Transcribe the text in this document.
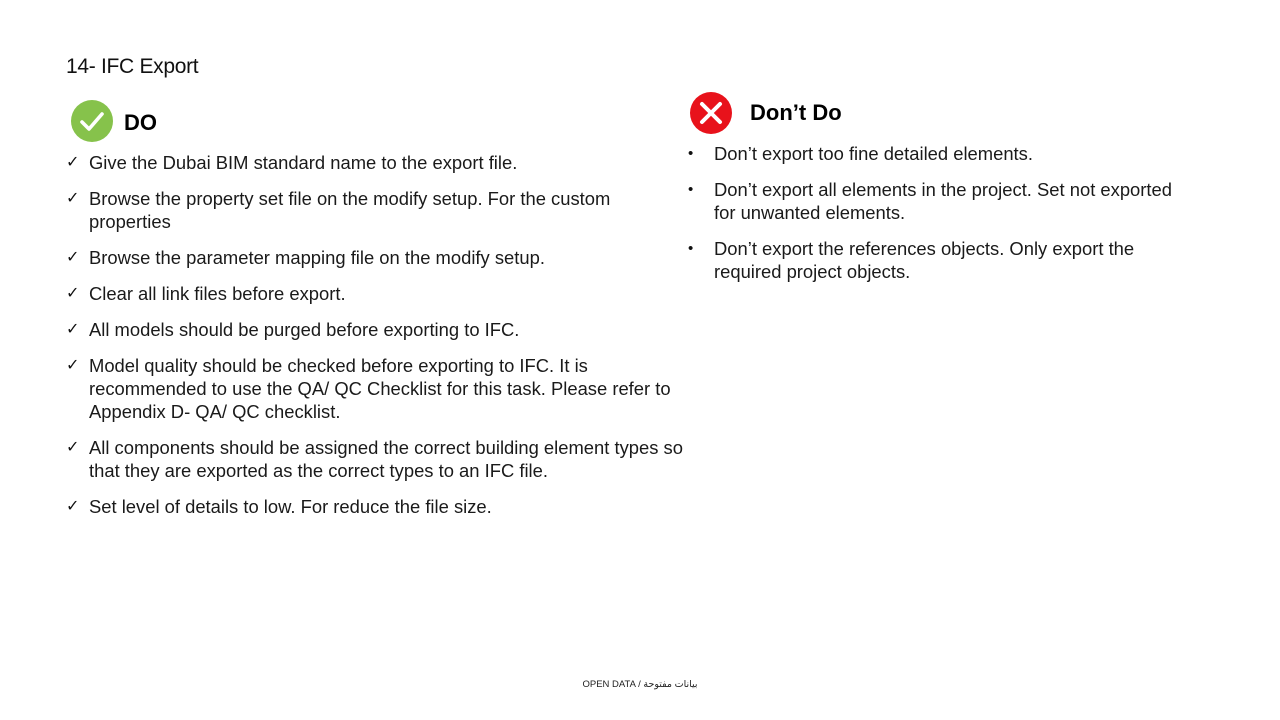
14- IFC Export
DO
✓ Give the Dubai BIM standard name to the export file.
✓ Browse the property set file on the modify setup. For the custom properties
✓ Browse the parameter mapping file on the modify setup.
✓ Clear all link files before export.
✓ All models should be purged before exporting to IFC.
✓ Model quality should be checked before exporting to IFC. It is recommended to use the QA/ QC Checklist for this task. Please refer to Appendix D- QA/ QC checklist.
✓ All components should be assigned the correct building element types so that they are exported as the correct types to an IFC file.
✓ Set level of details to low. For reduce the file size.
Don’t Do
• Don’t export too fine detailed elements.
• Don’t export all elements in the project. Set not exported for unwanted elements.
• Don’t export the references objects. Only export the required project objects.
OPEN DATA / بيانات مفتوحة
